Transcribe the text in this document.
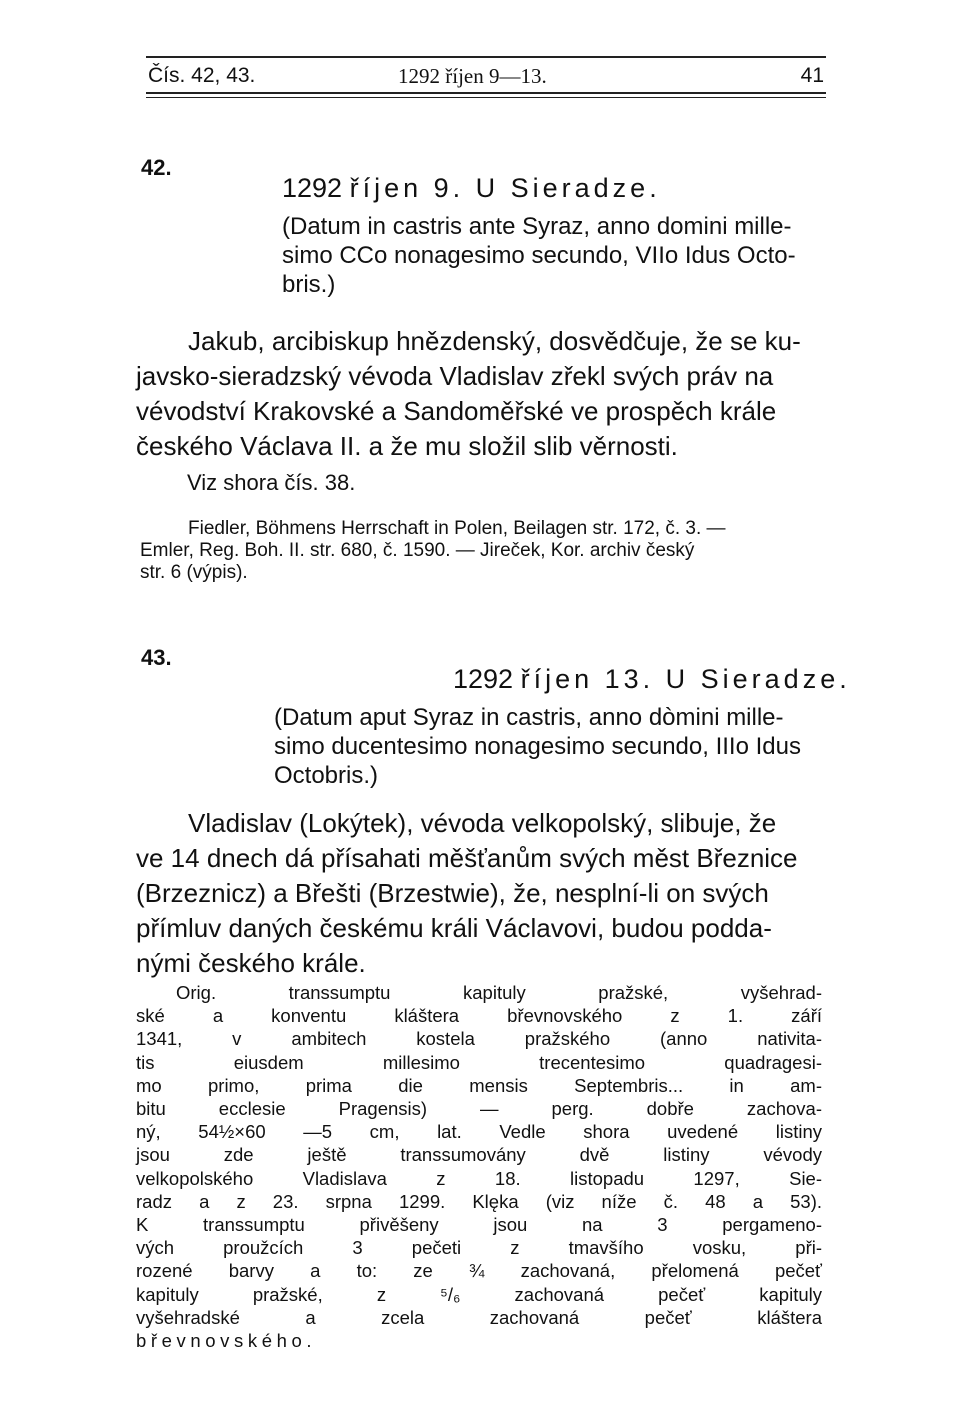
Čís. 42, 43.	1292 říjen 9—13.	41
42.
1292 říjen 9. U Sieradze.
(Datum in castris ante Syraz, anno domini mille-
simo CCo nonagesimo secundo, VIIo Idus Octo-
bris.)
Jakub, arcibiskup hnězdenský, dosvědčuje, že se ku-
javsko-sieradzský vévoda Vladislav zřekl svých práv na
vévodství Krakovské a Sandoměřské ve prospěch krále
českého Václava II. a že mu složil slib věrnosti.
Viz shora čís. 38.
Fiedler, Böhmens Herrschaft in Polen, Beilagen str. 172, č. 3. —
Emler, Reg. Boh. II. str. 680, č. 1590. — Jireček, Kor. archiv český
str. 6 (výpis).
43.
1292 říjen 13. U Sieradze.
(Datum aput Syraz in castris, anno dòmini mille-
simo ducentesimo nonagesimo secundo, IIIo Idus
Octobris.)
Vladislav (Lokýtek), vévoda velkopolský, slibuje, že
ve 14 dnech dá přísahati měšťanům svých měst Březnice
(Brzeznicz) a Břešti (Brzestwie), že, nesplní-li on svých
přímluv daných českému králi Václavovi, budou podda-
nými českého krále.
Orig. transsumptu kapituly pražské, vyšehrad-
ské a konventu kláštera břevnovského z 1. září
1341, v ambitech kostela pražského (anno nativita-
tis eiusdem millesimo trecentesimo quadragesi-
mo primo, prima die mensis Septembris... in am-
bitu ecclesie Pragensis) — perg. dobře zachova-
ný, 54½×60 —5 cm, lat. Vedle shora uvedené listiny
jsou zde ještě transsumovány dvě listiny vévody
velkopolského Vladislava z 18. listopadu 1297, Sie-
radz a z 23. srpna 1299. Klęka (viz níže č. 48 a 53).
K transsumptu přivěšeny jsou na 3 pergameno-
vých proužcích 3 pečeti z tmavšího vosku, při-
rozené barvy a to: ze ¾ zachovaná, přelomená pečeť
kapituly pražské, z ⁵/₆ zachovaná pečeť kapituly
vyšehradské a zcela zachovaná pečeť kláštera
břevnovského.
